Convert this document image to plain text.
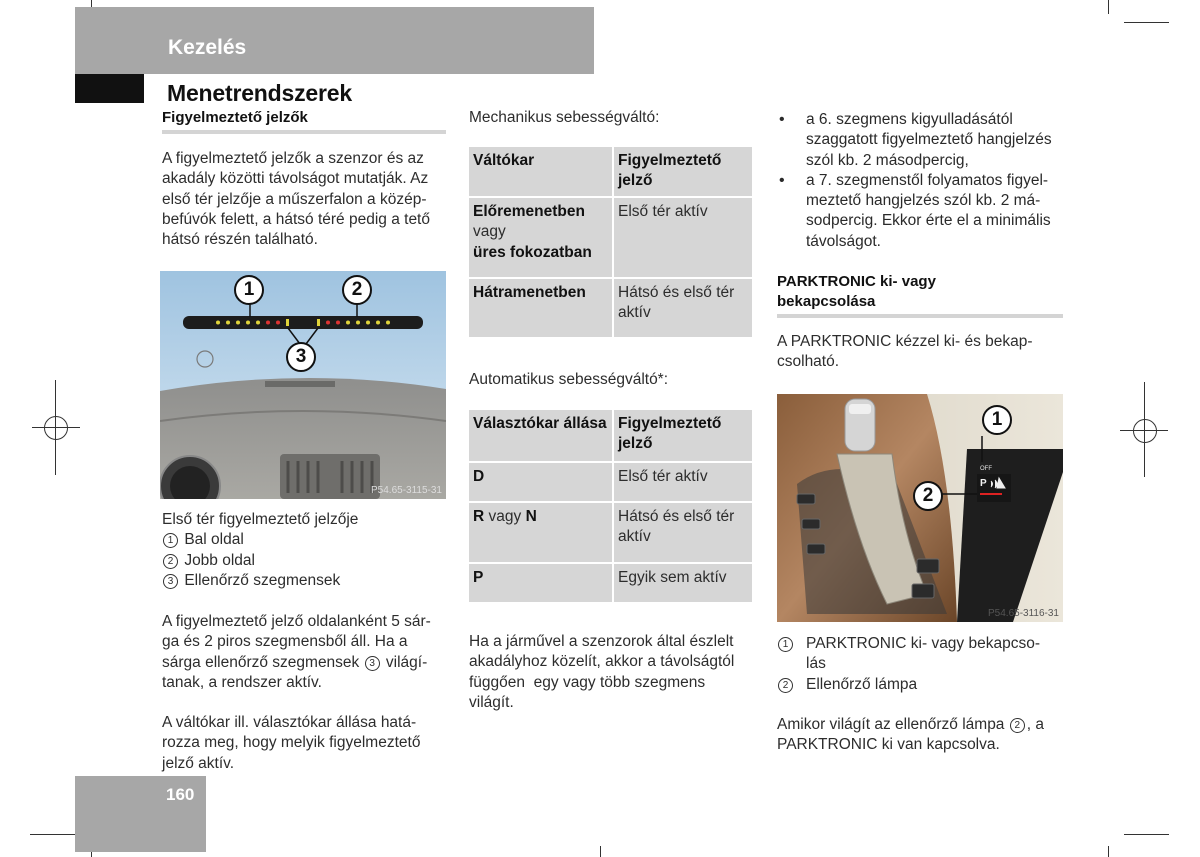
Kezelés
Menetrendszerek
Figyelmeztető jelzők

A figyelmeztető jelzők a szenzor és az

akadály közötti távolságot mutatják. Az

első tér jelzője a műszerfalon a közép-

befúvók felett, a hátsó téré pedig a tető

hátsó részén található.

1	2
3
P54.65-3115-31

Első tér figyelmeztető jelzője

1 Bal oldal

2 Jobb oldal

3 Ellenőrző szegmensek

A figyelmeztető jelző oldalanként 5 sár-

ga és 2 piros szegmensből áll. Ha a

sárga ellenőrző szegmensek 3 világí-

tanak, a rendszer aktív.

A váltókar ill. választókar állása hatá-

rozza meg, hogy melyik figyelmeztető

jelző aktív.

Mechanikus sebességváltó:
Váltókar	Figyelmeztető jelző
Előremenetben
vagy
üres fokozatban	Első tér aktív
Hátramenetben	Hátsó és első tér aktív
Automatikus sebességváltó*:
Választókar állása	Figyelmeztető jelző
D	Első tér aktív
R vagy N	Hátsó és első tér aktív
P	Egyik sem aktív

Ha a járművel a szenzorok által észlelt

akadályhoz közelít, akkor a távolságtól

függően  egy vagy több szegmens

világít.

• a 6. szegmens kigyulladásától
szaggatott figyelmeztető hangjelzés
szól kb. 2 másodpercig,
• a 7. szegmenstől folyamatos figyel-
meztető hangjelzés szól kb. 2 má-
sodpercig. Ekkor érte el a minimális
távolságot.
PARKTRONIC ki- vagy
bekapcsolása

A PARKTRONIC kézzel ki- és bekap-

csolható.

OFF
P
1
2
P54.65-3116-31

1	PARKTRONIC ki- vagy bekapcso-
lás

2	Ellenőrző lámpa

Amikor világít az ellenőrző lámpa 2 , a

PARKTRONIC ki van kapcsolva.

160
